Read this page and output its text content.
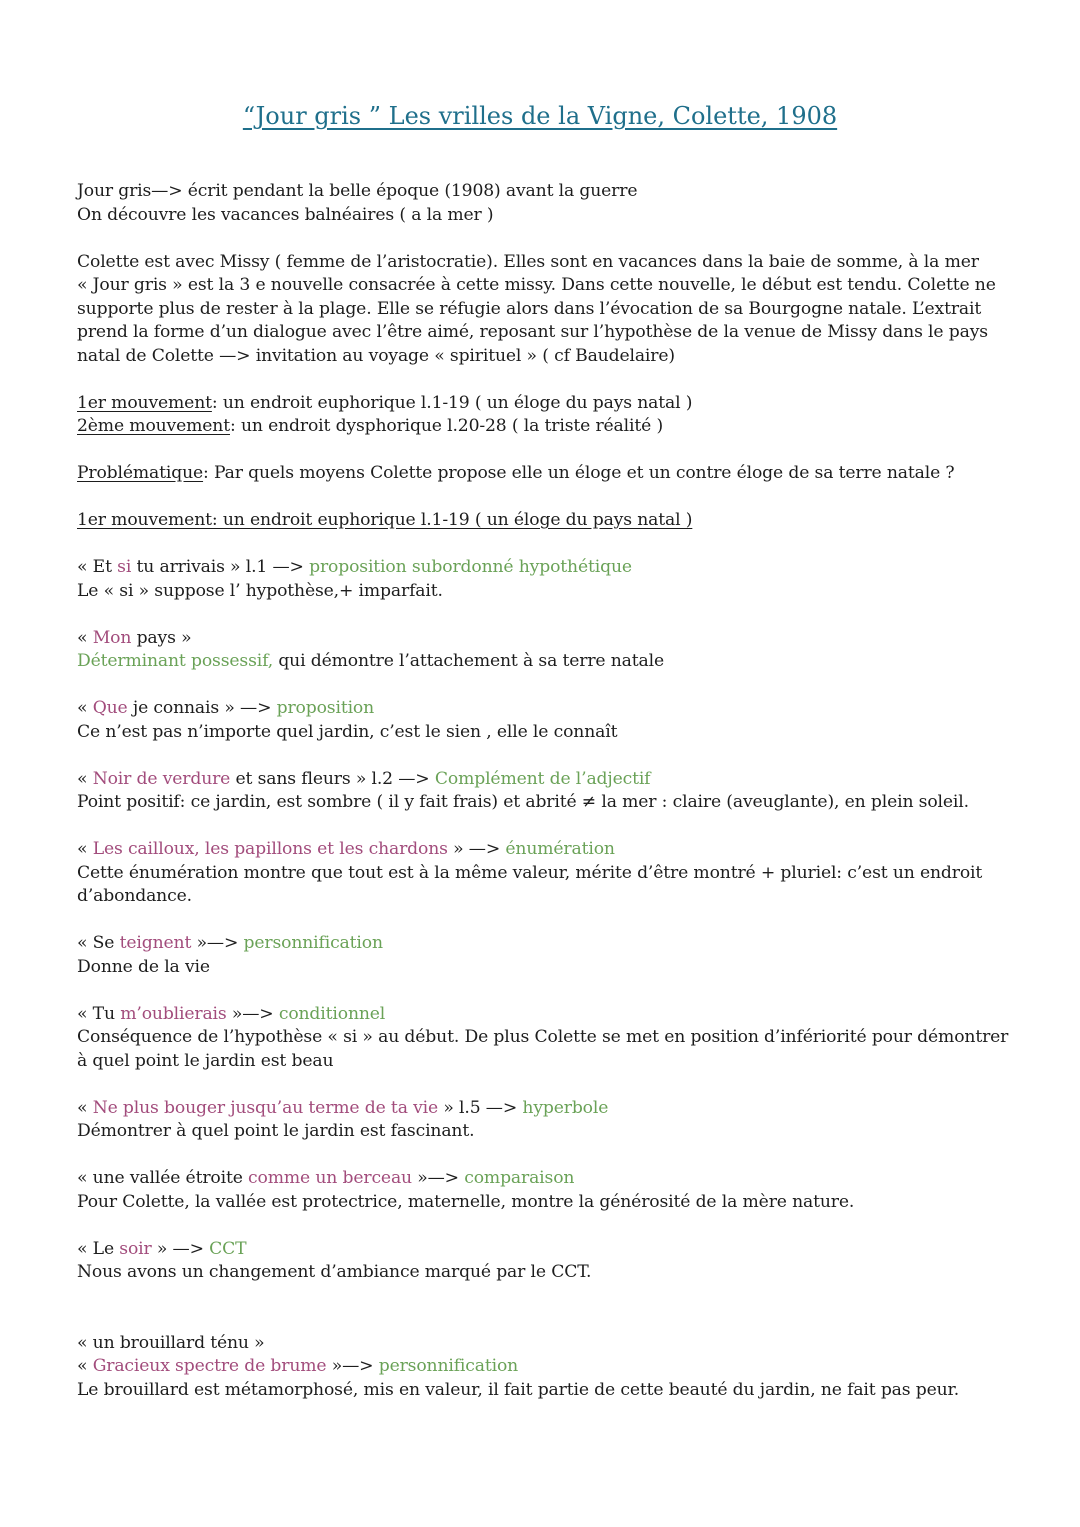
“Jour gris ” Les vrilles de la Vigne, Colette, 1908

Jour gris—> écrit pendant la belle époque (1908) avant la guerre
On découvre les vacances balnéaires ( a la mer )

Colette est avec Missy ( femme de l’aristocratie). Elles sont en vacances dans la baie de somme, à la mer
« Jour gris » est la 3 e nouvelle consacrée à cette missy. Dans cette nouvelle, le début est tendu. Colette ne supporte plus de rester à la plage. Elle se réfugie alors dans l’évocation de sa Bourgogne natale. L’extrait prend la forme d’un dialogue avec l’être aimé, reposant sur l’hypothèse de la venue de Missy dans le pays natal de Colette —> invitation au voyage « spirituel » ( cf Baudelaire)

1er mouvement: un endroit euphorique l.1-19 ( un éloge du pays natal )
2ème mouvement: un endroit dysphorique l.20-28 ( la triste réalité )

Problématique: Par quels moyens Colette propose elle un éloge et un contre éloge de sa terre natale ?

1er mouvement: un endroit euphorique l.1-19 ( un éloge du pays natal )

« Et si tu arrivais » l.1 —> proposition subordonné hypothétique
Le « si » suppose l’ hypothèse,+ imparfait.

« Mon pays »
Déterminant possessif, qui démontre l’attachement à sa terre natale

« Que je connais » —> proposition
Ce n’est pas n’importe quel jardin, c’est le sien , elle le connaît

« Noir de verdure et sans fleurs » l.2 —> Complément de l’adjectif
Point positif: ce jardin, est sombre ( il y fait frais) et abrité ≠ la mer : claire (aveuglante), en plein soleil.

« Les cailloux, les papillons et les chardons » —> énumération
Cette énumération montre que tout est à la même valeur, mérite d’être montré + pluriel: c’est un endroit d’abondance.

« Se teignent »—> personnification
Donne de la vie

« Tu m’oublierais »—> conditionnel
Conséquence de l’hypothèse « si » au début. De plus Colette se met en position d’infériorité pour démontrer à quel point le jardin est beau

« Ne plus bouger jusqu’au terme de ta vie » l.5 —> hyperbole
Démontrer à quel point le jardin est fascinant.

« une vallée étroite comme un berceau »—> comparaison
Pour Colette, la vallée est protectrice, maternelle, montre la générosité de la mère nature.

« Le soir » —> CCT
Nous avons un changement d’ambiance marqué par le CCT.

« un brouillard ténu »
« Gracieux spectre de brume »—> personnification
Le brouillard est métamorphosé, mis en valeur, il fait partie de cette beauté du jardin, ne fait pas peur.
